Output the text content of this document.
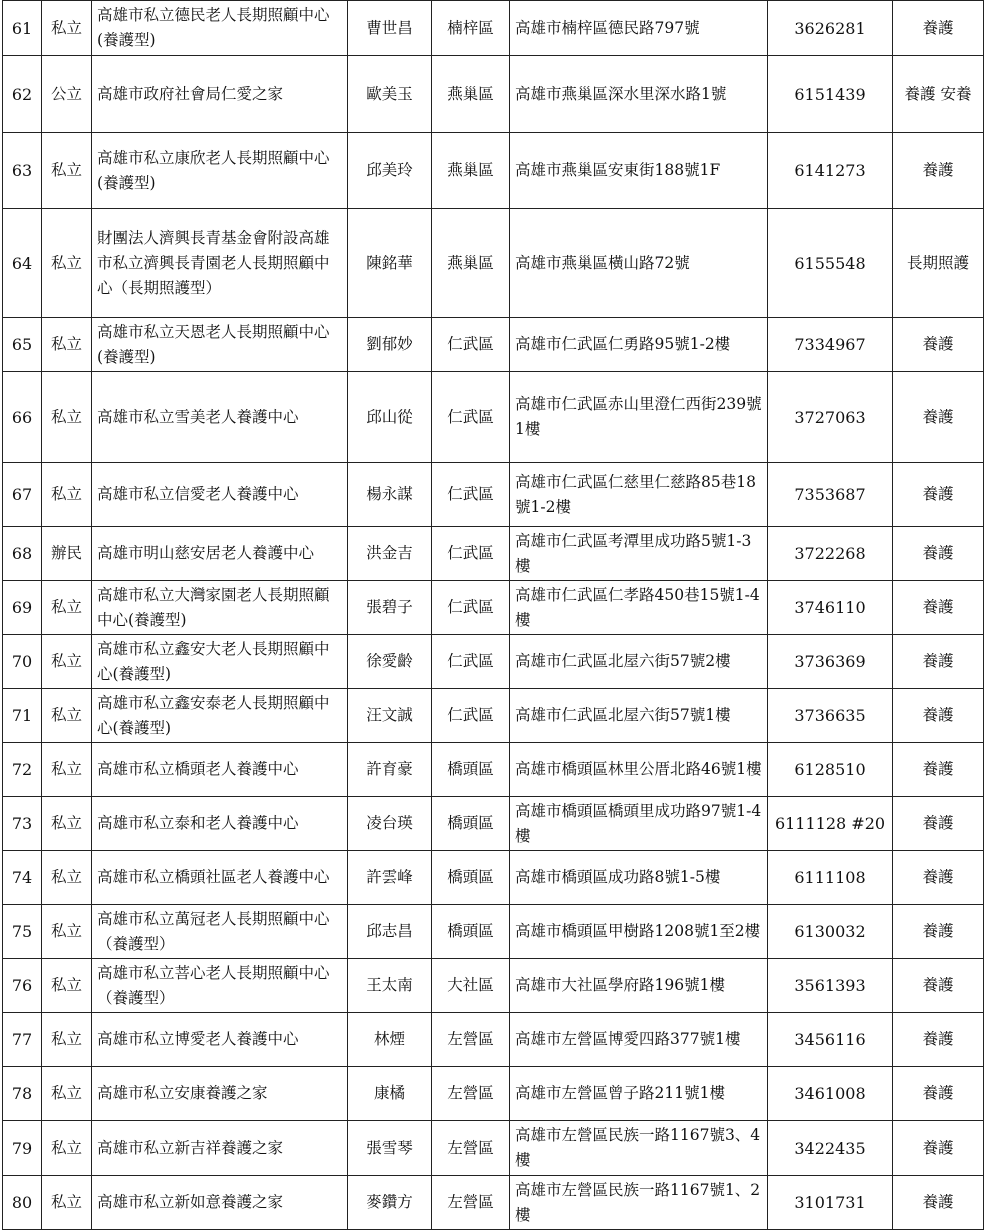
61	私立	高雄市私立德民老人長期照顧中心(養護型)	曹世昌	楠梓區	高雄市楠梓區德民路797號	3626281	養護
62	公立	高雄市政府社會局仁愛之家	歐美玉	燕巢區	高雄市燕巢區深水里深水路1號	6151439	養護 安養
63	私立	高雄市私立康欣老人長期照顧中心(養護型)	邱美玲	燕巢區	高雄市燕巢區安東街188號1F	6141273	養護
64	私立	財團法人濟興長青基金會附設高雄市私立濟興長青園老人長期照顧中心（長期照護型）	陳銘華	燕巢區	高雄市燕巢區橫山路72號	6155548	長期照護
65	私立	高雄市私立天恩老人長期照顧中心(養護型)	劉郁妙	仁武區	高雄市仁武區仁勇路95號1-2樓	7334967	養護
66	私立	高雄市私立雪美老人養護中心	邱山從	仁武區	高雄市仁武區赤山里澄仁西街239號1樓	3727063	養護
67	私立	高雄市私立信愛老人養護中心	楊永謀	仁武區	高雄市仁武區仁慈里仁慈路85巷18號1-2樓	7353687	養護
68	辦民	高雄市明山慈安居老人養護中心	洪金吉	仁武區	高雄市仁武區考潭里成功路5號1-3樓	3722268	養護
69	私立	高雄市私立大灣家園老人長期照顧中心(養護型)	張碧子	仁武區	高雄市仁武區仁孝路450巷15號1-4樓	3746110	養護
70	私立	高雄市私立鑫安大老人長期照顧中心(養護型)	徐愛齡	仁武區	高雄市仁武區北屋六街57號2樓	3736369	養護
71	私立	高雄市私立鑫安泰老人長期照顧中心(養護型)	汪文誠	仁武區	高雄市仁武區北屋六街57號1樓	3736635	養護
72	私立	高雄市私立橋頭老人養護中心	許育豪	橋頭區	高雄市橋頭區林里公厝北路46號1樓	6128510	養護
73	私立	高雄市私立泰和老人養護中心	凌台瑛	橋頭區	高雄市橋頭區橋頭里成功路97號1-4樓	6111128 #20	養護
74	私立	高雄市私立橋頭社區老人養護中心	許雲峰	橋頭區	高雄市橋頭區成功路8號1-5樓	6111108	養護
75	私立	高雄市私立萬冠老人長期照顧中心（養護型）	邱志昌	橋頭區	高雄市橋頭區甲樹路1208號1至2樓	6130032	養護
76	私立	高雄市私立菩心老人長期照顧中心（養護型）	王太南	大社區	高雄市大社區學府路196號1樓	3561393	養護
77	私立	高雄市私立博愛老人養護中心	林煙	左營區	高雄市左營區博愛四路377號1樓	3456116	養護
78	私立	高雄市私立安康養護之家	康橘	左營區	高雄市左營區曾子路211號1樓	3461008	養護
79	私立	高雄市私立新吉祥養護之家	張雪琴	左營區	高雄市左營區民族一路1167號3、4樓	3422435	養護
80	私立	高雄市私立新如意養護之家	麥鑽方	左營區	高雄市左營區民族一路1167號1、2樓	3101731	養護
